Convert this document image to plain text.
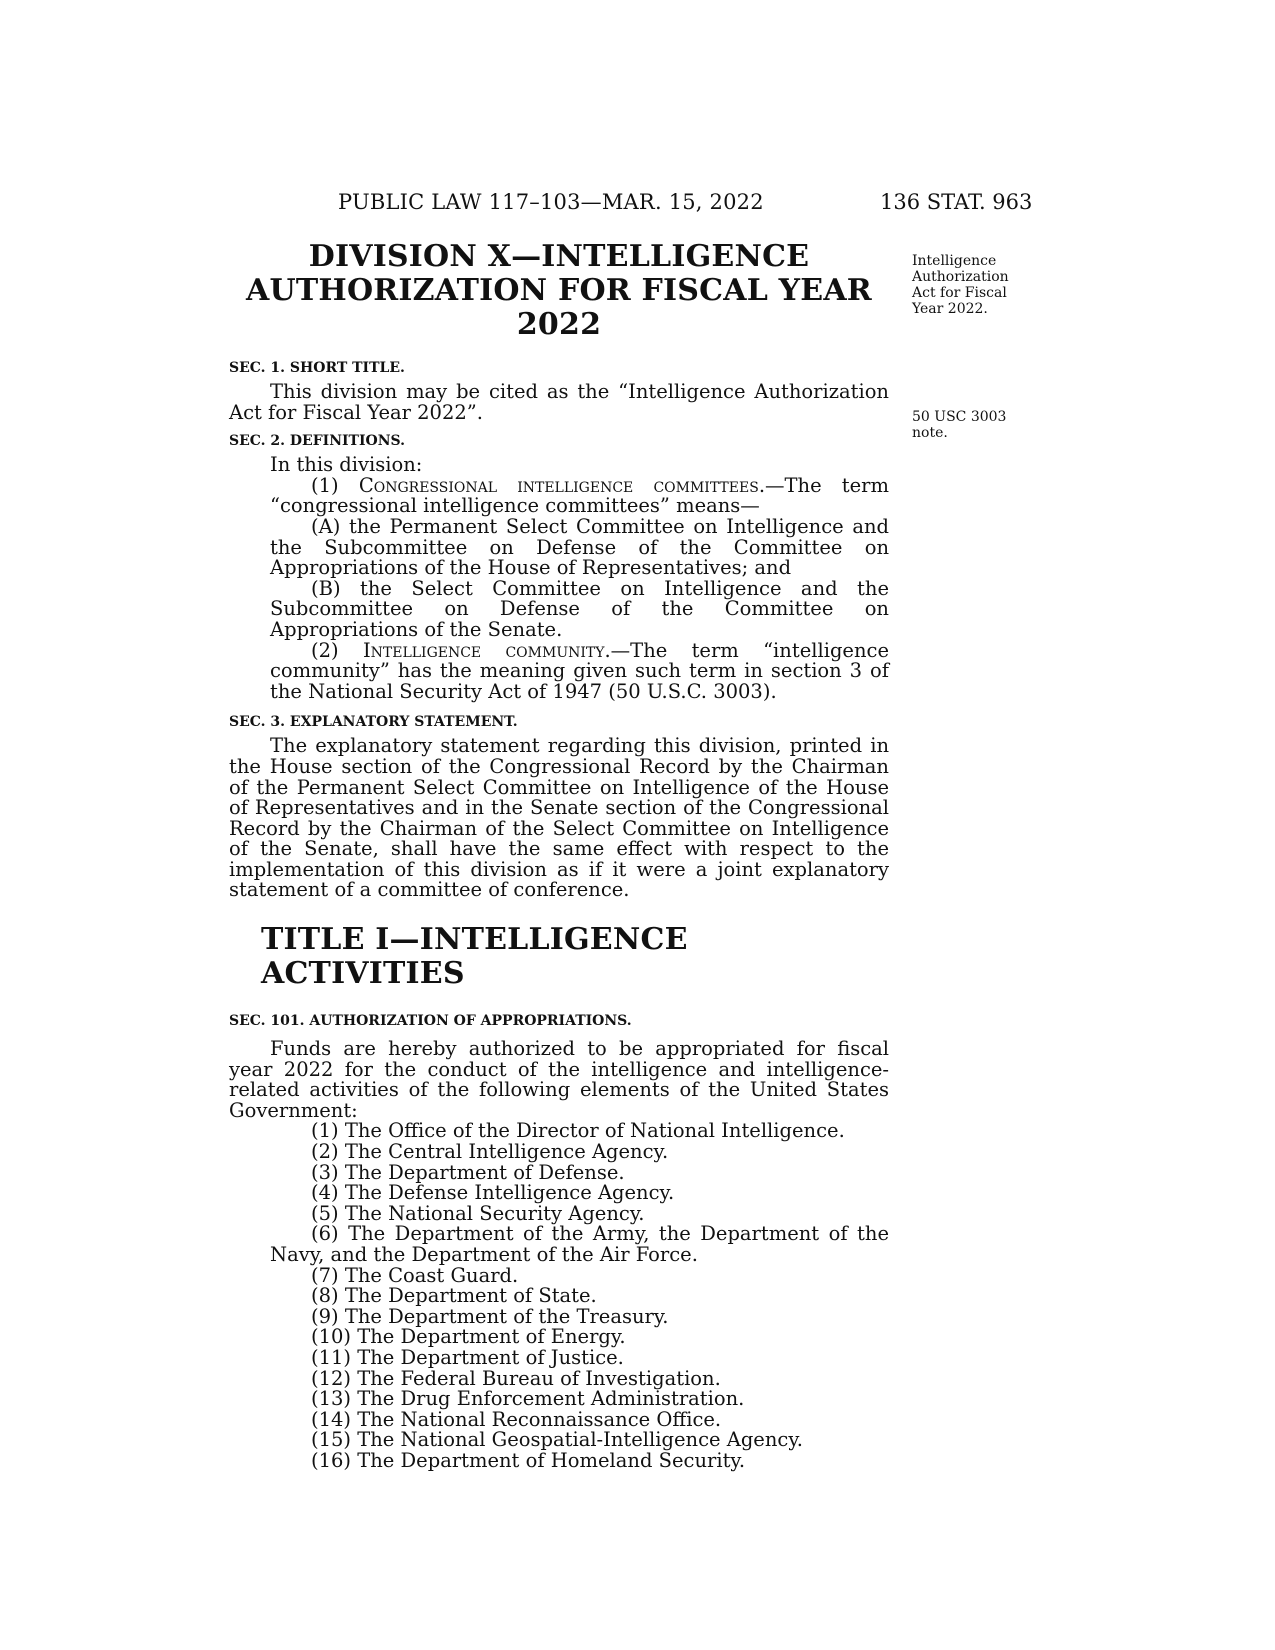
PUBLIC LAW 117–103—MAR. 15, 2022	136 STAT. 963
Intelligence Authorization Act for Fiscal Year 2022.
50 USC 3003 note.
DIVISION X—INTELLIGENCE
AUTHORIZATION FOR FISCAL YEAR 2022
SEC. 1. SHORT TITLE.

This division may be cited as the “Intelligence Authorization Act for Fiscal Year 2022”.

SEC. 2. DEFINITIONS.

In this division:

(1) Congressional intelligence committees.—The term “congressional intelligence committees” means—

(A) the Permanent Select Committee on Intelligence and the Subcommittee on Defense of the Committee on Appropriations of the House of Representatives; and

(B) the Select Committee on Intelligence and the Subcommittee on Defense of the Committee on Appropriations of the Senate.

(2) Intelligence community.—The term “intelligence community” has the meaning given such term in section 3 of the National Security Act of 1947 (50 U.S.C. 3003).

SEC. 3. EXPLANATORY STATEMENT.

The explanatory statement regarding this division, printed in the House section of the Congressional Record by the Chairman of the Permanent Select Committee on Intelligence of the House of Representatives and in the Senate section of the Congressional Record by the Chairman of the Select Committee on Intelligence of the Senate, shall have the same effect with respect to the implementation of this division as if it were a joint explanatory statement of a committee of conference.

TITLE I—INTELLIGENCE ACTIVITIES
SEC. 101. AUTHORIZATION OF APPROPRIATIONS.

Funds are hereby authorized to be appropriated for fiscal year 2022 for the conduct of the intelligence and intelligence-related activities of the following elements of the United States Government:

(1) The Office of the Director of National Intelligence.

(2) The Central Intelligence Agency.

(3) The Department of Defense.

(4) The Defense Intelligence Agency.

(5) The National Security Agency.

(6) The Department of the Army, the Department of the Navy, and the Department of the Air Force.

(7) The Coast Guard.

(8) The Department of State.

(9) The Department of the Treasury.

(10) The Department of Energy.

(11) The Department of Justice.

(12) The Federal Bureau of Investigation.

(13) The Drug Enforcement Administration.

(14) The National Reconnaissance Office.

(15) The National Geospatial-Intelligence Agency.

(16) The Department of Homeland Security.
